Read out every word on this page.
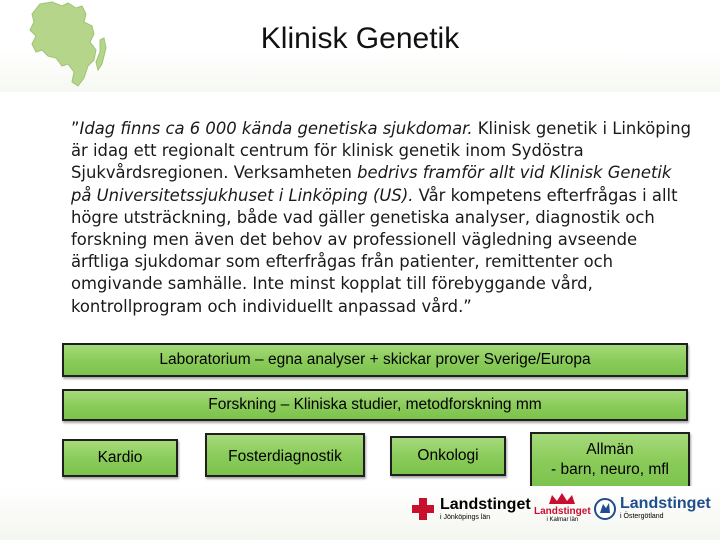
Klinisk Genetik
”Idag finns ca 6 000 kända genetiska sjukdomar. Klinisk genetik i Linköping är idag ett regionalt centrum för klinisk genetik inom Sydöstra Sjukvårdsregionen. Verksamheten bedrivs framför allt vid Klinisk Genetik på Universitetssjukhuset i Linköping (US). Vår kompetens efterfrågas i allt högre utsträckning, både vad gäller genetiska analyser, diagnostik och forskning men även det behov av professionell vägledning avseende ärftliga sjukdomar som efterfrågas från patienter, remittenter och omgivande samhälle. Inte minst kopplat till förebyggande vård, kontrollprogram och individuellt anpassad vård.”
Laboratorium – egna analyser + skickar prover Sverige/Europa
Forskning – Kliniska studier, metodforskning mm
Kardio	Fosterdiagnostik	Onkologi	Allmän
- barn, neuro, mfl
Landstinget
i Jönköpings län	Landstinget
i Kalmar län
Landstinget
i Östergötland
